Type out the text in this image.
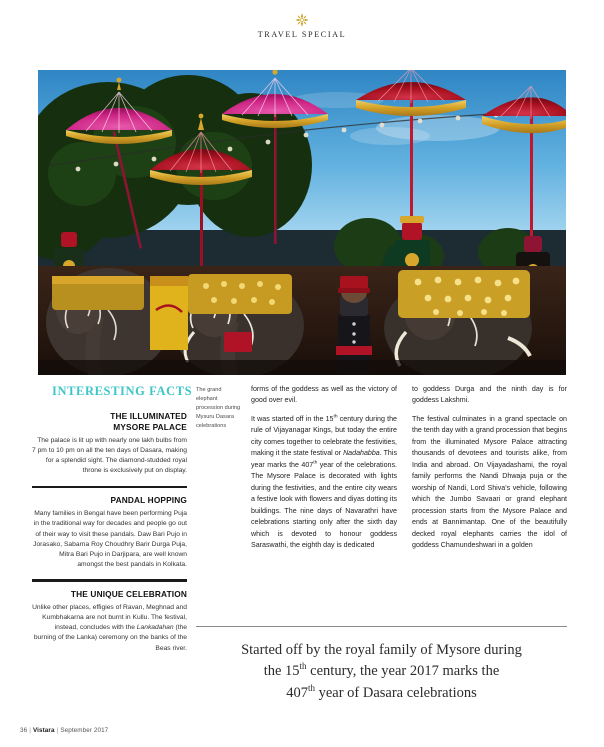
TRAVEL SPECIAL
INTERESTING FACTS
THE ILLUMINATED
MYSORE PALACE
The palace is lit up with nearly one lakh bulbs from 7 pm to 10 pm on all the ten days of Dasara, making for a splendid sight. The diamond-studded royal throne is exclusively put on display.
PANDAL HOPPING
Many families in Bengal have been performing Puja in the traditional way for decades and people go out of their way to visit these pandals. Daw Bari Pujo in Jorasako, Sabarna Roy Choudhry Barir Durga Puja, Mitra Bari Pujo in Darjipara, are well known amongst the best pandals in Kolkata.
THE UNIQUE CELEBRATION
Unlike other places, effigies of Ravan, Meghnad and Kumbhakarna are not burnt in Kullu. The festival, instead, concludes with the Lankadahan (the burning of the Lanka) ceremony on the banks of the Beas river.
The grand elephant procession during Mysuru Dasara celebrations

forms of the goddess as well as the victory of good over evil.

It was started off in the 15th century during the rule of Vijayanagar Kings, but today the entire city comes together to celebrate the festivities, making it the state festival or Nadahabba. This year marks the 407th year of the celebrations. The Mysore Palace is decorated with lights during the festivities, and the entire city wears a festive look with flowers and diyas dotting its buildings. The nine days of Navarathri have celebrations starting only after the sixth day which is devoted to honour goddess Saraswathi, the eighth day is dedicated

to goddess Durga and the ninth day is for goddess Lakshmi.

The festival culminates in a grand spectacle on the tenth day with a grand procession that begins from the illuminated Mysore Palace attracting thousands of devotees and tourists alike, from India and abroad. On Vijayadashami, the royal family performs the Nandi Dhwaja puja or the worship of Nandi, Lord Shiva's vehicle, following which the Jumbo Savaari or grand elephant procession starts from the Mysore Palace and ends at Bannimantap. One of the beautifully decked royal elephants carries the idol of goddess Chamundeshwari in a golden

Started off by the royal family of Mysore during
the 15th century, the year 2017 marks the
407th year of Dasara celebrations
36 | Vistara | September 2017
